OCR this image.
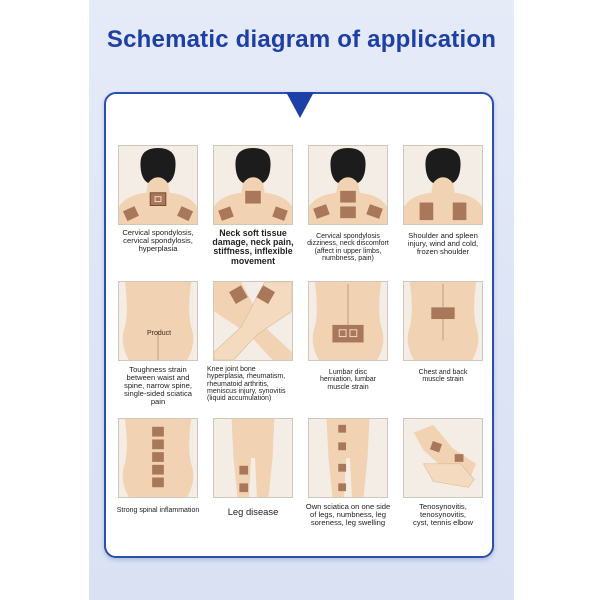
Schematic diagram of application
Cervical spondylosis,
cervical spondylosis,
hyperplasia
Neck soft tissue
damage, neck pain,
stiffness, inflexible
movement
Cervical spondylosis
dizziness, neck discomfort
(affect in upper limbs,
numbness, pain)
Shoulder and spleen
injury, wind and cold,
frozen shoulder
Product
Toughness strain
between waist and
spine, narrow spine,
single-sided sciatica
pain
Knee joint bone
hyperplasia, rheumatism,
rheumatoid arthritis,
meniscus injury, synovitis
(liquid accumulation)
Lumbar disc
herniation, lumbar
muscle strain
Chest and back
muscle strain
Strong spinal inflammation	Leg disease	Own sciatica on one side
of legs, numbness, leg
soreness, leg swelling
Tenosynovitis,
tenosynovitis,
cyst, tennis elbow
